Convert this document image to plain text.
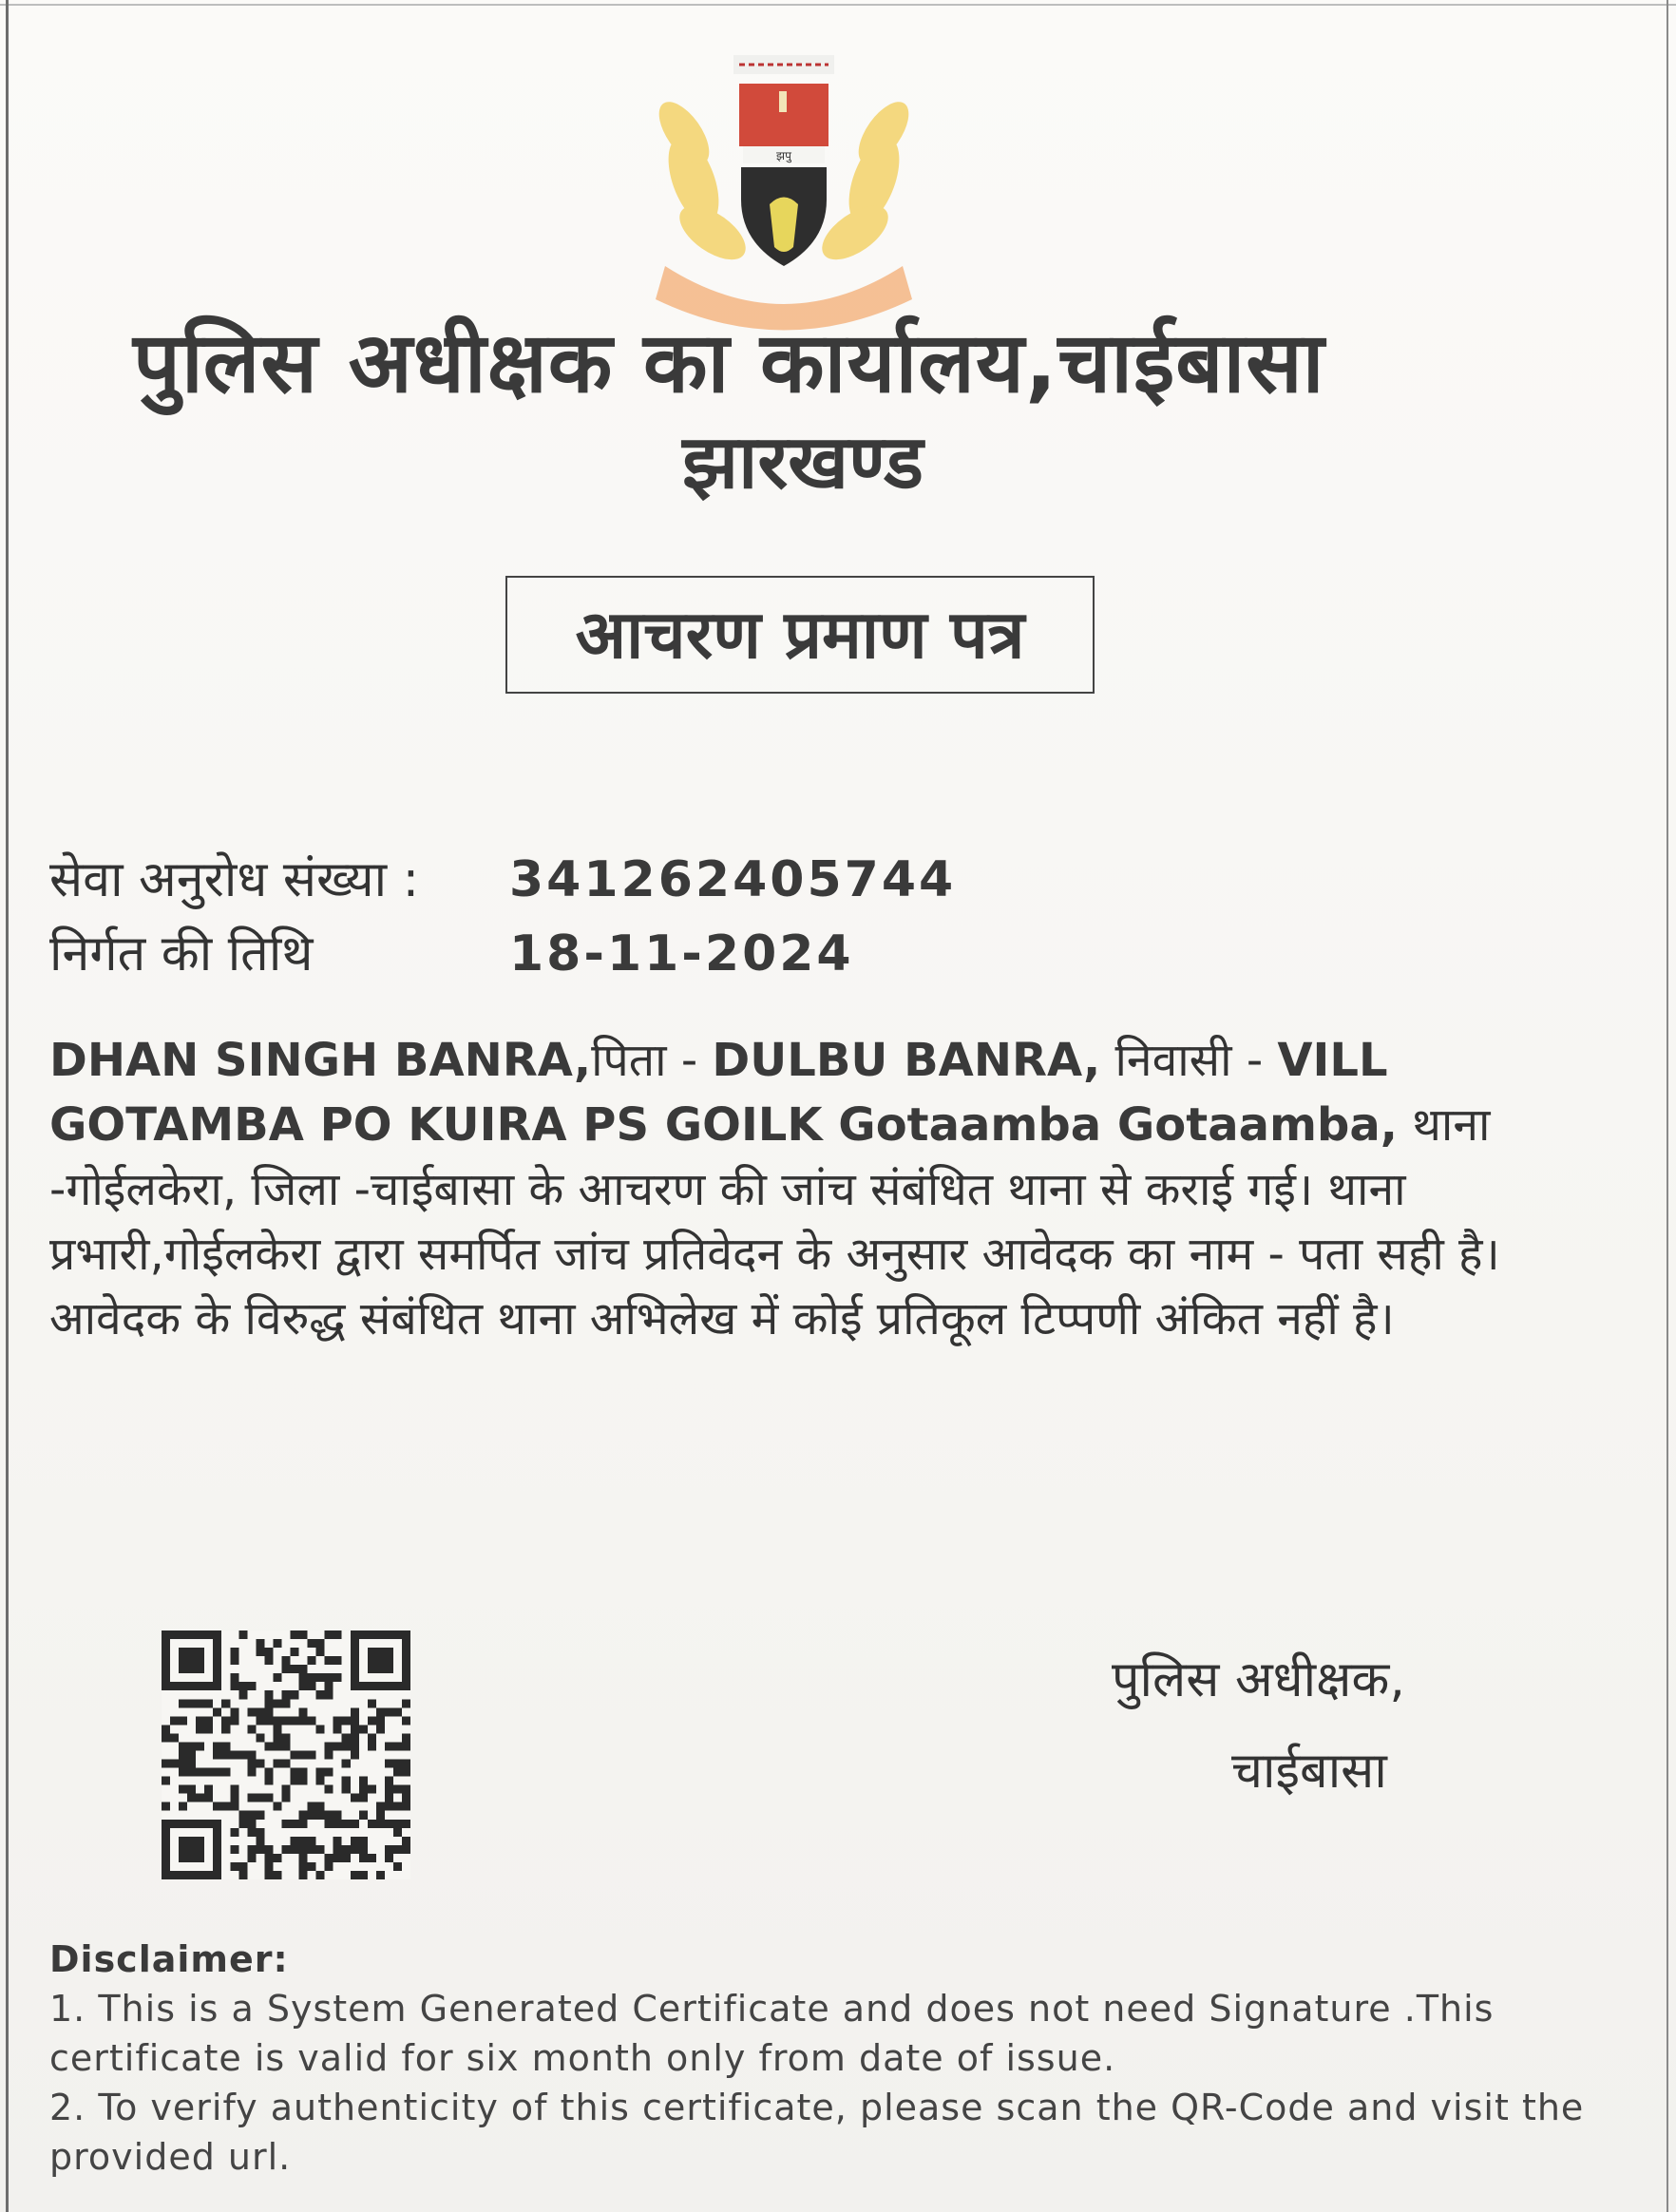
झपु
पुलिस अधीक्षक का कार्यालय,चाईबासा
झारखण्ड
आचरण प्रमाण पत्र
सेवा अनुरोध संख्या : 341262405744
निर्गत की तिथि	18-11-2024
DHAN SINGH BANRA,पिता - DULBU BANRA, निवासी - VILL GOTAMBA PO KUIRA PS GOILK Gotaamba Gotaamba, थाना -गोईलकेरा, जिला -चाईबासा के आचरण की जांच संबंधित थाना से कराई गई। थाना प्रभारी,गोईलकेरा द्वारा समर्पित जांच प्रतिवेदन के अनुसार आवेदक का नाम - पता सही है। आवेदक के विरुद्ध संबंधित थाना अभिलेख में कोई प्रतिकूल टिप्पणी अंकित नहीं है।
पुलिस अधीक्षक,
चाईबासा
Disclaimer:
1. This is a System Generated Certificate and does not need Signature .This certificate is valid for six month only from date of issue.
2. To verify authenticity of this certificate, please scan the QR-Code and visit the provided url.
